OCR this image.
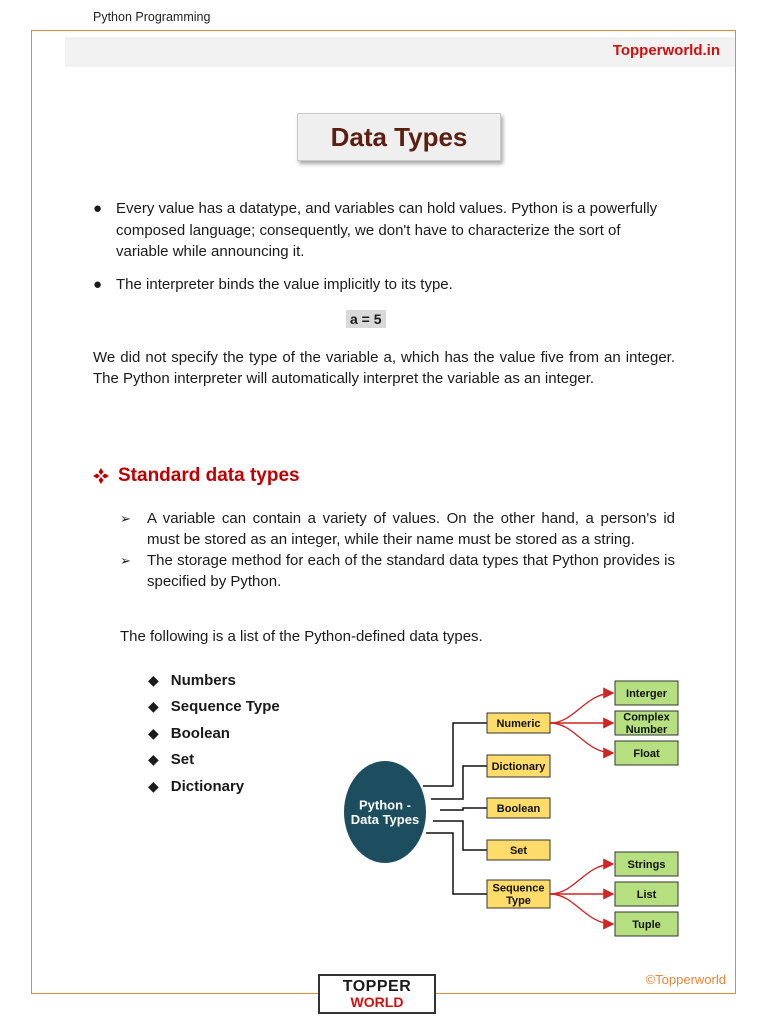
Python Programming
Topperworld.in
Data Types
● Every value has a datatype, and variables can hold values. Python is a powerfully composed language; consequently, we don't have to characterize the sort of variable while announcing it.
● The interpreter binds the value implicitly to its type.
a = 5

We did not specify the type of the variable a, which has the value five from an integer. The Python interpreter will automatically interpret the variable as an integer.

Standard data types
➢ A variable can contain a variety of values. On the other hand, a person's id must be stored as an integer, while their name must be stored as a string.
➢ The storage method for each of the standard data types that Python provides is specified by Python.
The following is a list of the Python-defined data types.
◆ Numbers
◆ Sequence Type
◆ Boolean
◆ Set
◆ Dictionary
Python -Data Types
Numeric
Interger
Complex Number
Float
Dictionary
Boolean
Set
Sequence Type
Strings
List
Tuple
©Topperworld
TOPPER
WORLD
